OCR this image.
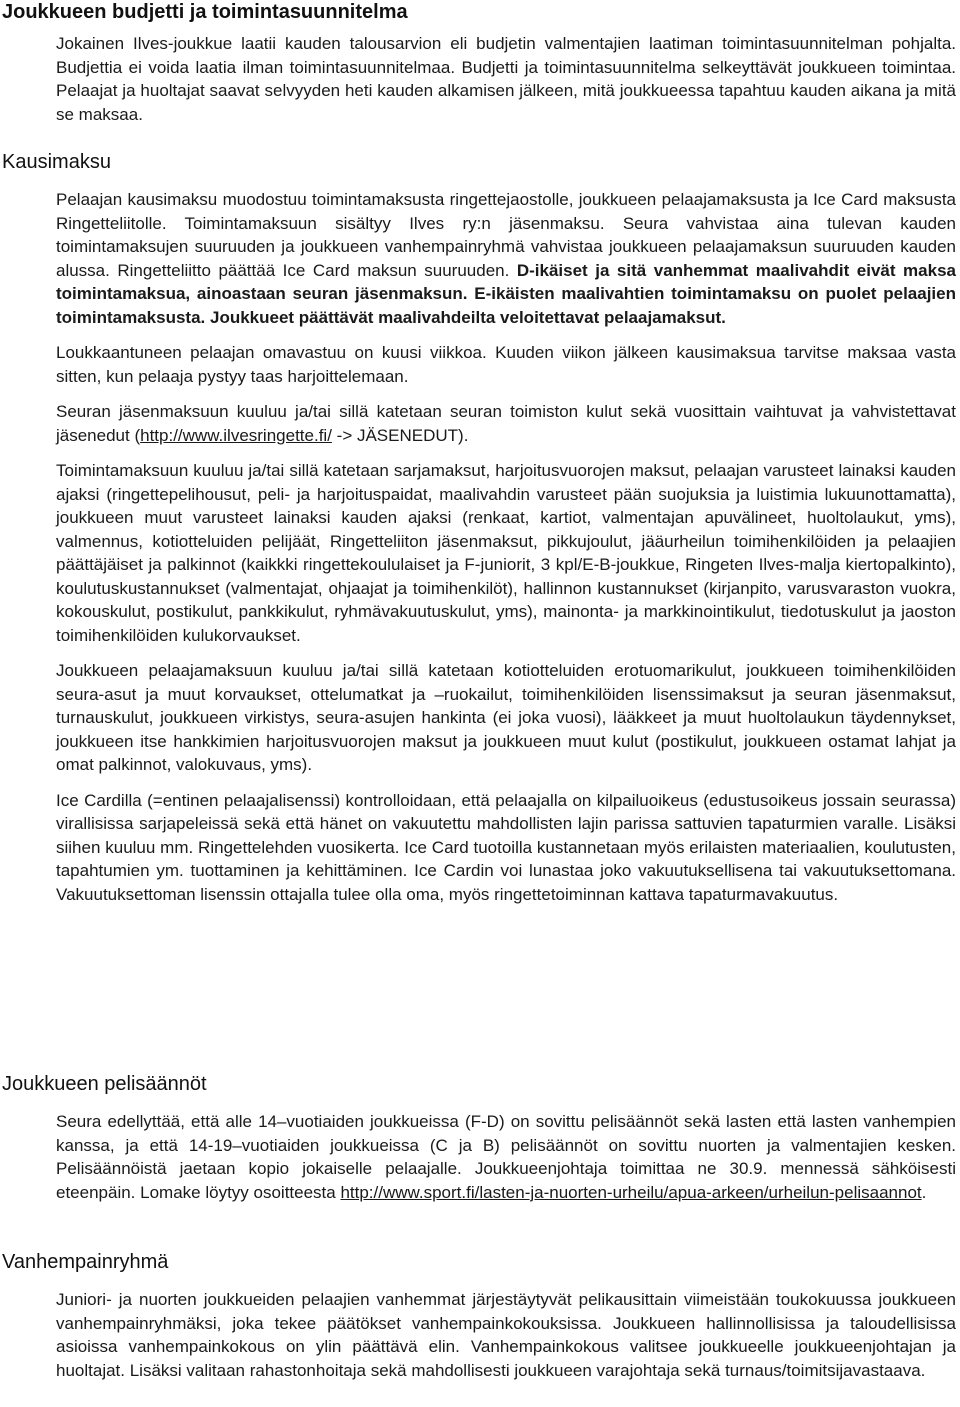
Joukkueen budjetti ja toimintasuunnitelma

Jokainen Ilves-joukkue laatii kauden talousarvion eli budjetin valmentajien laatiman toimintasuunnitelman pohjalta. Budjettia ei voida laatia ilman toimintasuunnitelmaa. Budjetti ja toimintasuunnitelma selkeyttävät joukkueen toimintaa. Pelaajat ja huoltajat saavat selvyyden heti kauden alkamisen jälkeen, mitä joukkueessa tapahtuu kauden aikana ja mitä se maksaa.

Kausimaksu

Pelaajan kausimaksu muodostuu toimintamaksusta ringettejaostolle, joukkueen pelaajamaksusta ja Ice Card maksusta Ringetteliitolle. Toimintamaksuun sisältyy Ilves ry:n jäsenmaksu. Seura vahvistaa aina tulevan kauden toimintamaksujen suuruuden ja joukkueen vanhempainryhmä vahvistaa joukkueen pelaajamaksun suuruuden kauden alussa. Ringetteliitto päättää Ice Card maksun suuruuden. D-ikäiset ja sitä vanhemmat maalivahdit eivät maksa toimintamaksua, ainoastaan seuran jäsenmaksun. E-ikäisten maalivahtien toimintamaksu on puolet pelaajien toimintamaksusta. Joukkueet päättävät maalivahdeilta veloitettavat pelaajamaksut.

Loukkaantuneen pelaajan omavastuu on kuusi viikkoa. Kuuden viikon jälkeen kausimaksua tarvitse maksaa vasta sitten, kun pelaaja pystyy taas harjoittelemaan.

Seuran jäsenmaksuun kuuluu ja/tai sillä katetaan seuran toimiston kulut sekä vuosittain vaihtuvat ja vahvistettavat jäsenedut (http://www.ilvesringette.fi/ -> JÄSENEDUT).

Toimintamaksuun kuuluu ja/tai sillä katetaan sarjamaksut, harjoitusvuorojen maksut, pelaajan varusteet lainaksi kauden ajaksi (ringettepelihousut, peli- ja harjoituspaidat, maalivahdin varusteet pään suojuksia ja luistimia lukuunottamatta), joukkueen muut varusteet lainaksi kauden ajaksi (renkaat, kartiot, valmentajan apuvälineet, huoltolaukut, yms), valmennus, kotiotteluiden pelijäät, Ringetteliiton jäsenmaksut, pikkujoulut, jääurheilun toimihenkilöiden ja pelaajien päättäjäiset ja palkinnot (kaikkki ringettekoululaiset ja F-juniorit, 3 kpl/E-B-joukkue, Ringeten Ilves-malja kiertopalkinto), koulutuskustannukset (valmentajat, ohjaajat ja toimihenkilöt), hallinnon kustannukset (kirjanpito, varusvaraston vuokra, kokouskulut, postikulut, pankkikulut, ryhmävakuutuskulut, yms), mainonta- ja markkinointikulut, tiedotuskulut ja jaoston toimihenkilöiden kulukorvaukset.

Joukkueen pelaajamaksuun kuuluu ja/tai sillä katetaan kotiotteluiden erotuomarikulut, joukkueen toimihenkilöiden seura-asut ja muut korvaukset, ottelumatkat ja –ruokailut, toimihenkilöiden lisenssimaksut ja seuran jäsenmaksut, turnauskulut, joukkueen virkistys, seura-asujen hankinta (ei joka vuosi), lääkkeet ja muut huoltolaukun täydennykset, joukkueen itse hankkimien harjoitusvuorojen maksut ja joukkueen muut kulut (postikulut, joukkueen ostamat lahjat ja omat palkinnot, valokuvaus, yms).

Ice Cardilla (=entinen pelaajalisenssi) kontrolloidaan, että pelaajalla on kilpailuoikeus (edustusoikeus jossain seurassa) virallisissa sarjapeleissä sekä että hänet on vakuutettu mahdollisten lajin parissa sattuvien tapaturmien varalle. Lisäksi siihen kuuluu mm. Ringettelehden vuosikerta. Ice Card tuotoilla kustannetaan myös erilaisten materiaalien, koulutusten, tapahtumien ym. tuottaminen ja kehittäminen. Ice Cardin voi lunastaa joko vakuutuksellisena tai vakuutuksettomana. Vakuutuksettoman lisenssin ottajalla tulee olla oma, myös ringettetoiminnan kattava tapaturmavakuutus.

Joukkueen pelisäännöt

Seura edellyttää, että alle 14–vuotiaiden joukkueissa (F-D) on sovittu pelisäännöt sekä lasten että lasten vanhempien kanssa, ja että 14-19–vuotiaiden joukkueissa (C ja B) pelisäännöt on sovittu nuorten ja valmentajien kesken. Pelisäännöistä jaetaan kopio jokaiselle pelaajalle. Joukkueenjohtaja toimittaa ne 30.9. mennessä sähköisesti eteenpäin. Lomake löytyy osoitteesta http://www.sport.fi/lasten-ja-nuorten-urheilu/apua-arkeen/urheilun-pelisaannot.

Vanhempainryhmä

Juniori- ja nuorten joukkueiden pelaajien vanhemmat järjestäytyvät pelikausittain viimeistään toukokuussa joukkueen vanhempainryhmäksi, joka tekee päätökset vanhempainkokouksissa. Joukkueen hallinnollisissa ja taloudellisissa asioissa vanhempainkokous on ylin päättävä elin. Vanhempainkokous valitsee joukkueelle joukkueenjohtajan ja huoltajat. Lisäksi valitaan rahastonhoitaja sekä mahdollisesti joukkueen varajohtaja sekä turnaus/toimitsijavastaava.
